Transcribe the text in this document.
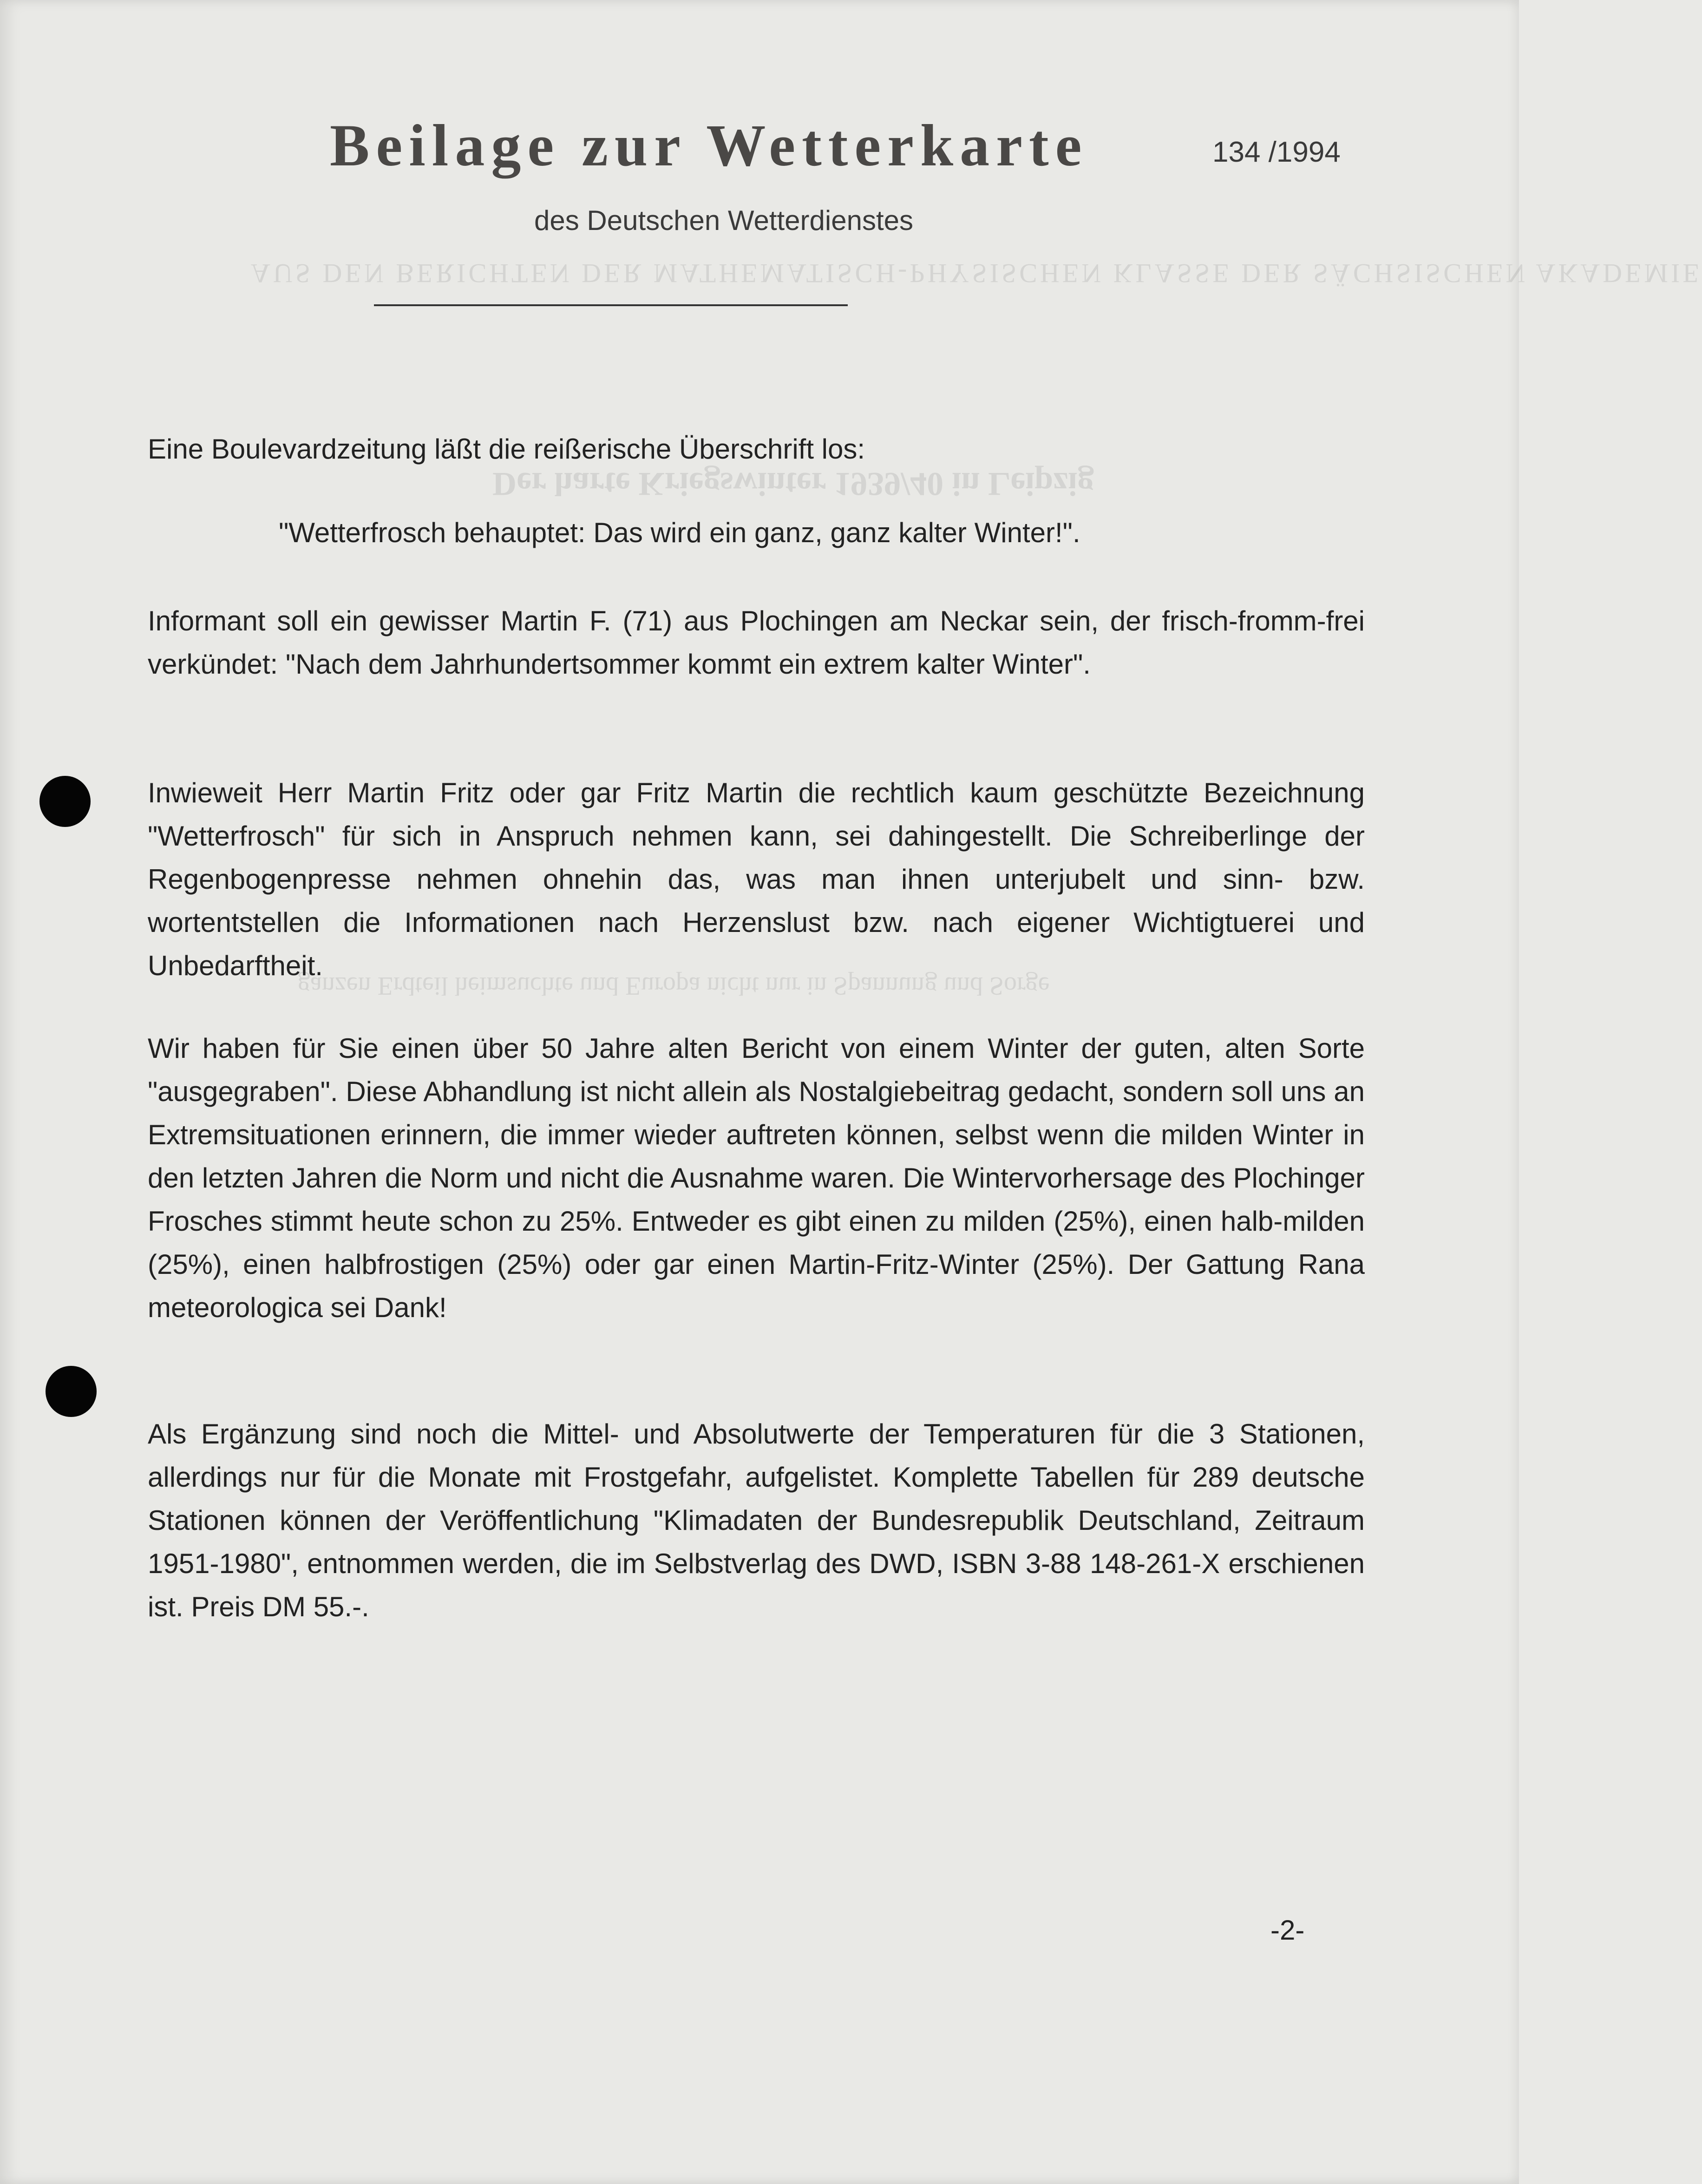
AUS DEN BERICHTEN DER MATHEMATISCH-PHYSISCHEN KLASSE DER SÄCHSISCHEN AKADEMIE
Der harte Kriegswinter 1939/40 in Leipzig
ganzen Erdteil heimsuchte und Europa nicht nur in Spannung und Sorge
Beilage zur Wetterkarte	134 /1994
des Deutschen Wetterdienstes
Eine Boulevardzeitung läßt die reißerische Überschrift los:
"Wetterfrosch behauptet: Das wird ein ganz, ganz kalter Winter!".
Informant soll ein gewisser Martin F. (71) aus Plochingen am Neckar sein, der frisch-fromm-frei verkündet: "Nach dem Jahrhundertsommer kommt ein extrem kalter Winter".
Inwieweit Herr Martin Fritz oder gar Fritz Martin die rechtlich kaum geschützte Bezeichnung "Wetterfrosch" für sich in Anspruch nehmen kann, sei dahingestellt. Die Schreiberlinge der Regenbogenpresse nehmen ohnehin das, was man ihnen unterjubelt und sinn- bzw. wortentstellen die Informationen nach Herzenslust bzw. nach eigener Wichtigtuerei und Unbedarftheit.
Wir haben für Sie einen über 50 Jahre alten Bericht von einem Winter der guten, alten Sorte "ausgegraben". Diese Abhandlung ist nicht allein als Nostalgiebeitrag gedacht, sondern soll uns an Extremsituationen erinnern, die immer wieder auftreten können, selbst wenn die milden Winter in den letzten Jahren die Norm und nicht die Ausnahme waren. Die Wintervorhersage des Plochinger Frosches stimmt heute schon zu 25%. Entweder es gibt einen zu milden (25%), einen halb-milden (25%), einen halbfrostigen (25%) oder gar einen Martin-Fritz-Winter (25%). Der Gattung Rana meteorologica sei Dank!
Als Ergänzung sind noch die Mittel- und Absolutwerte der Temperaturen für die 3 Stationen, allerdings nur für die Monate mit Frostgefahr, aufgelistet. Komplette Tabellen für 289 deutsche Stationen können der Veröffentlichung "Klimadaten der Bundesrepublik Deutschland, Zeitraum 1951-1980", entnommen werden, die im Selbstverlag des DWD, ISBN 3-88 148-261-X erschienen ist. Preis DM 55.-.
-2-
